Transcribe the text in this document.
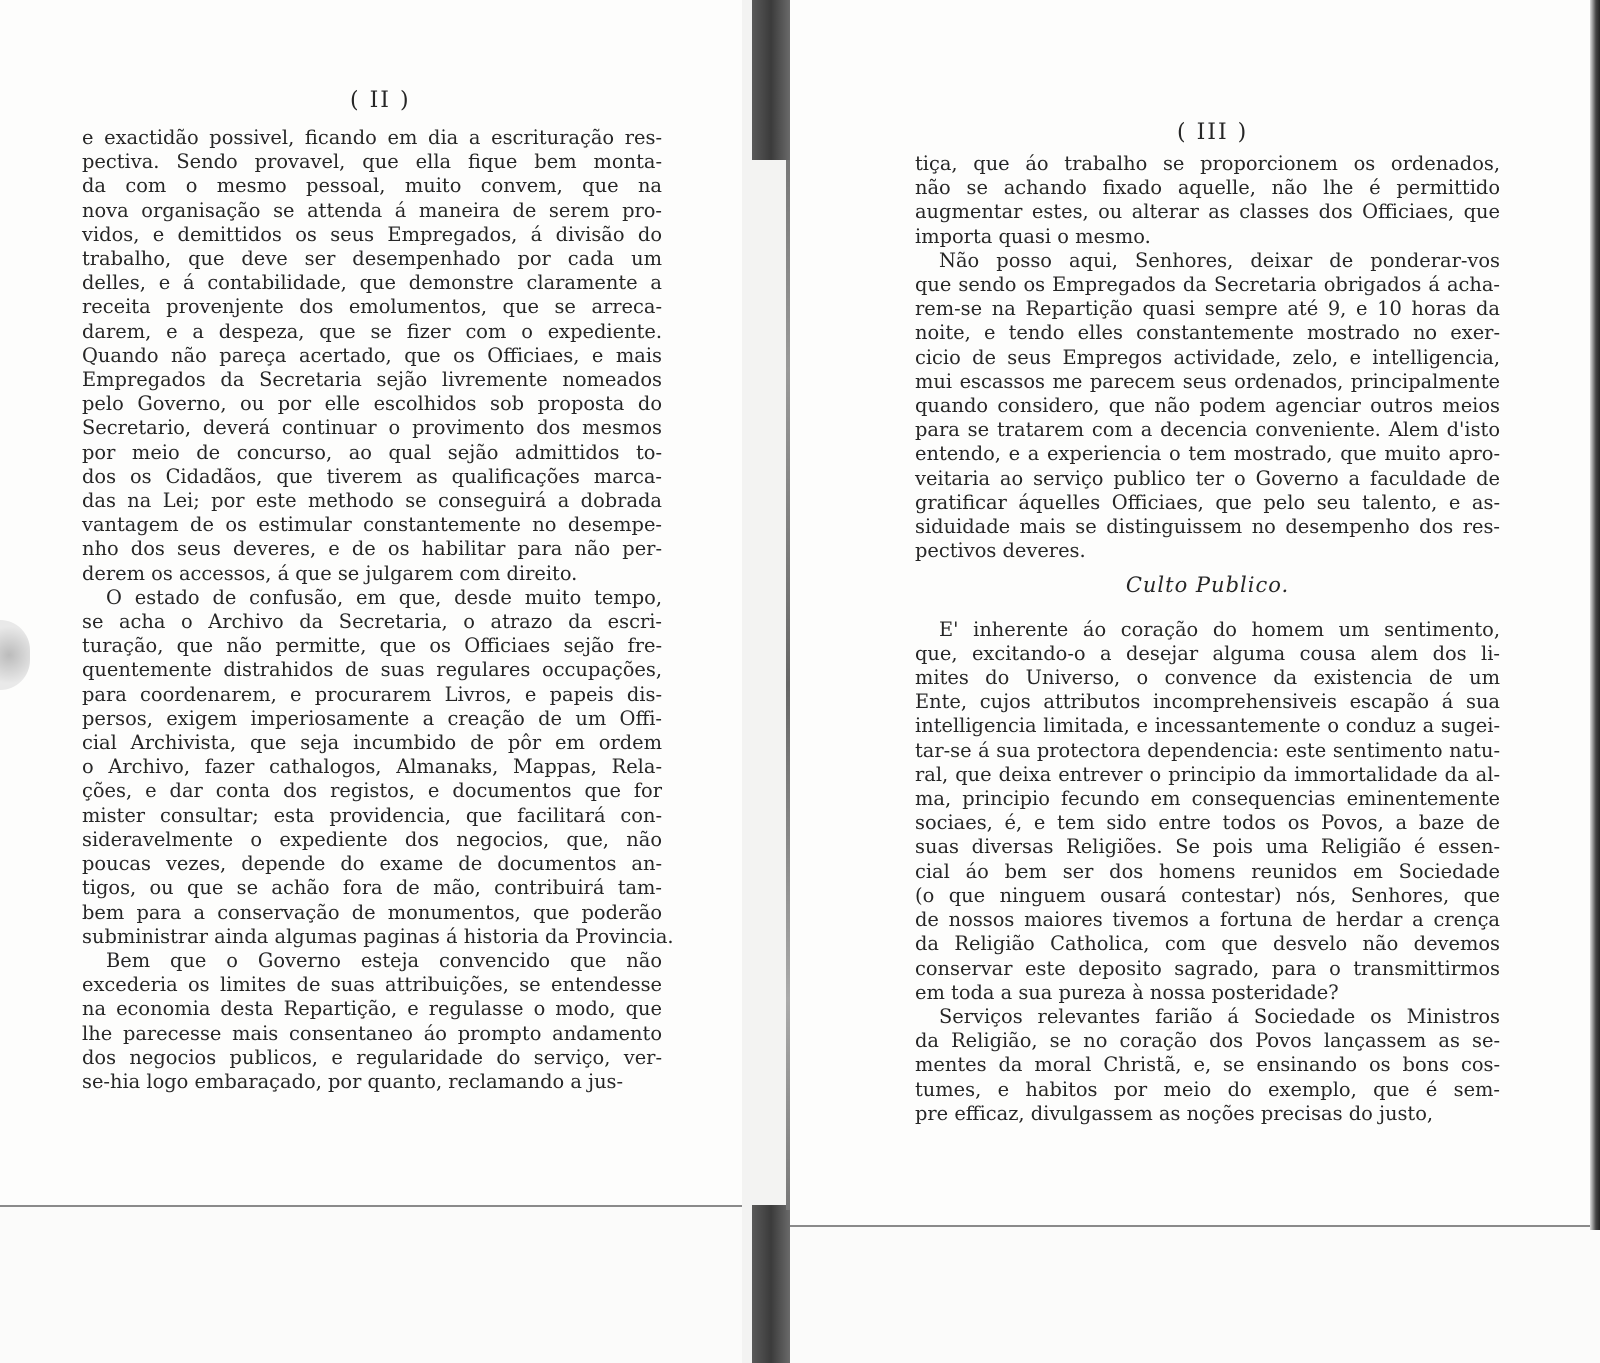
( II )
e exactidão possivel, ficando em dia a escrituração res-
pectiva. Sendo provavel, que ella fique bem monta-
da com o mesmo pessoal, muito convem, que na
nova organisação se attenda á maneira de serem pro-
vidos, e demittidos os seus Empregados, á divisão do
trabalho, que deve ser desempenhado por cada um
delles, e á contabilidade, que demonstre claramente a
receita provenjente dos emolumentos, que se arreca-
darem, e a despeza, que se fizer com o expediente.
Quando não pareça acertado, que os Officiaes, e mais
Empregados da Secretaria sejão livremente nomeados
pelo Governo, ou por elle escolhidos sob proposta do
Secretario, deverá continuar o provimento dos mesmos
por meio de concurso, ao qual sejão admittidos to-
dos os Cidadãos, que tiverem as qualificações marca-
das na Lei; por este methodo se conseguirá a dobrada
vantagem de os estimular constantemente no desempe-
nho dos seus deveres, e de os habilitar para não per-
derem os accessos, á que se julgarem com direito.
O estado de confusão, em que, desde muito tempo,
se acha o Archivo da Secretaria, o atrazo da escri-
turação, que não permitte, que os Officiaes sejão fre-
quentemente distrahidos de suas regulares occupações,
para coordenarem, e procurarem Livros, e papeis dis-
persos, exigem imperiosamente a creação de um Offi-
cial Archivista, que seja incumbido de pôr em ordem
o Archivo, fazer cathalogos, Almanaks, Mappas, Rela-
ções, e dar conta dos registos, e documentos que for
mister consultar; esta providencia, que facilitará con-
sideravelmente o expediente dos negocios, que, não
poucas vezes, depende do exame de documentos an-
tigos, ou que se achão fora de mão, contribuirá tam-
bem para a conservação de monumentos, que poderão
subministrar ainda algumas paginas á historia da Provincia.
Bem que o Governo esteja convencido que não
excederia os limites de suas attribuições, se entendesse
na economia desta Repartição, e regulasse o modo, que
lhe parecesse mais consentaneo áo prompto andamento
dos negocios publicos, e regularidade do serviço, ver-
se-hia logo embaraçado, por quanto, reclamando a jus-
( III )
tiça, que áo trabalho se proporcionem os ordenados,
não se achando fixado aquelle, não lhe é permittido
augmentar estes, ou alterar as classes dos Officiaes, que
importa quasi o mesmo.
Não posso aqui, Senhores, deixar de ponderar-vos
que sendo os Empregados da Secretaria obrigados á acha-
rem-se na Repartição quasi sempre até 9, e 10 horas da
noite, e tendo elles constantemente mostrado no exer-
cicio de seus Empregos actividade, zelo, e intelligencia,
mui escassos me parecem seus ordenados, principalmente
quando considero, que não podem agenciar outros meios
para se tratarem com a decencia conveniente. Alem d'isto
entendo, e a experiencia o tem mostrado, que muito apro-
veitaria ao serviço publico ter o Governo a faculdade de
gratificar áquelles Officiaes, que pelo seu talento, e as-
siduidade mais se distinguissem no desempenho dos res-
pectivos deveres.
Culto Publico.
E' inherente áo coração do homem um sentimento,
que, excitando-o a desejar alguma cousa alem dos li-
mites do Universo, o convence da existencia de um
Ente, cujos attributos incomprehensiveis escapão á sua
intelligencia limitada, e incessantemente o conduz a sugei-
tar-se á sua protectora dependencia: este sentimento natu-
ral, que deixa entrever o principio da immortalidade da al-
ma, principio fecundo em consequencias eminentemente
sociaes, é, e tem sido entre todos os Povos, a baze de
suas diversas Religiões. Se pois uma Religião é essen-
cial áo bem ser dos homens reunidos em Sociedade
(o que ninguem ousará contestar) nós, Senhores, que
de nossos maiores tivemos a fortuna de herdar a crença
da Religião Catholica, com que desvelo não devemos
conservar este deposito sagrado, para o transmittirmos
em toda a sua pureza à nossa posteridade?
Serviços relevantes farião á Sociedade os Ministros
da Religião, se no coração dos Povos lançassem as se-
mentes da moral Christã, e, se ensinando os bons cos-
tumes, e habitos por meio do exemplo, que é sem-
pre efficaz, divulgassem as noções precisas do justo,
